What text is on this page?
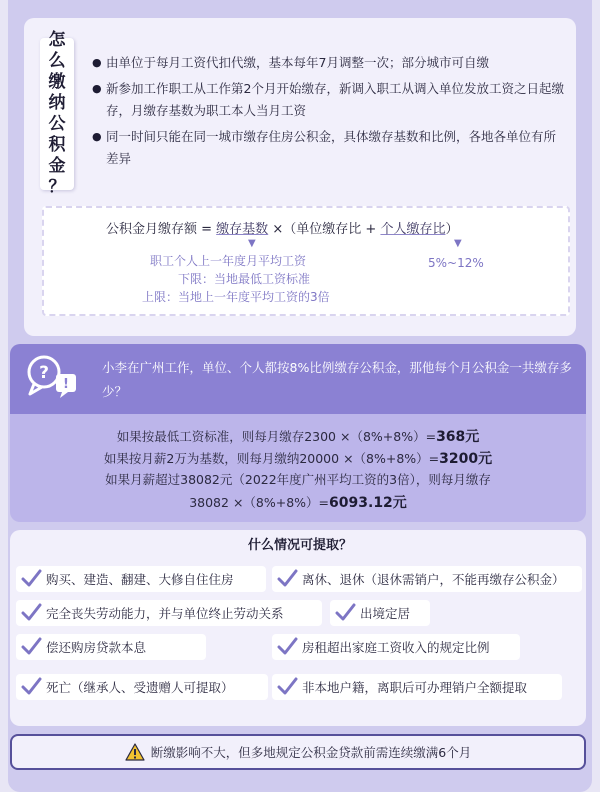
怎
么
缴
纳
公
积
金
？
● 由单位于每月工资代扣代缴，基本每年7月调整一次；部分城市可自缴
● 新参加工作职工从工作第2个月开始缴存，新调入职工从调入单位发放工资之日起缴存，月缴存基数为职工本人当月工资
● 同一时间只能在同一城市缴存住房公积金，具体缴存基数和比例，各地各单位有所差异
公积金月缴存额 = 缴存基数 ×（单位缴存比 + 个人缴存比）
▼	▼
职工个人上一年度月平均工资
下限：当地最低工资标准
上限：当地上一年度平均工资的3倍
5%~12%
?
!
小李在广州工作，单位、个人都按8%比例缴存公积金，那他每个月公积金一共缴存多少？
如果按最低工资标准，则每月缴存2300 ×（8%+8%）=368元
如果按月薪2万为基数，则每月缴纳20000 ×（8%+8%）=3200元
如果月薪超过38082元（2022年度广州平均工资的3倍），则每月缴存
38082 ×（8%+8%）=6093.12元
什么情况可提取？
购买、建造、翻建、大修自住住房	离休、退休（退休需销户，不能再缴存公积金）
完全丧失劳动能力，并与单位终止劳动关系	出境定居
偿还购房贷款本息	房租超出家庭工资收入的规定比例
死亡（继承人、受遗赠人可提取）	非本地户籍，离职后可办理销户全额提取
断缴影响不大，但多地规定公积金贷款前需连续缴满6个月
